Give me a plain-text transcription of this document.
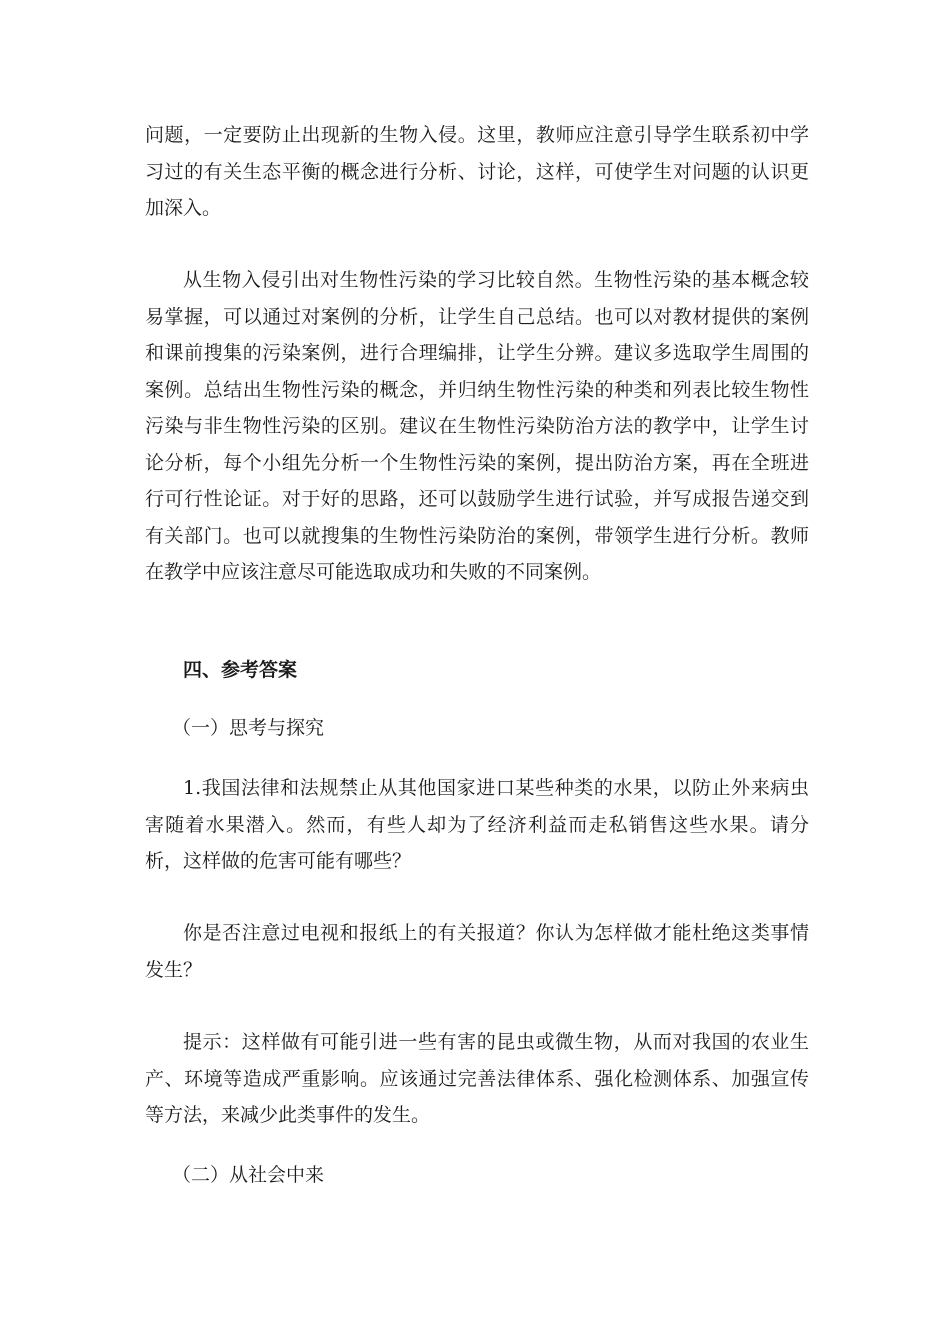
问题，一定要防止出现新的生物入侵。这里，教师应注意引导学生联系初中学习过的有关生态平衡的概念进行分析、讨论，这样，可使学生对问题的认识更加深入。

从生物入侵引出对生物性污染的学习比较自然。生物性污染的基本概念较易掌握，可以通过对案例的分析，让学生自己总结。也可以对教材提供的案例和课前搜集的污染案例，进行合理编排，让学生分辨。建议多选取学生周围的案例。总结出生物性污染的概念，并归纳生物性污染的种类和列表比较生物性污染与非生物性污染的区别。建议在生物性污染防治方法的教学中，让学生讨论分析，每个小组先分析一个生物性污染的案例，提出防治方案，再在全班进行可行性论证。对于好的思路，还可以鼓励学生进行试验，并写成报告递交到有关部门。也可以就搜集的生物性污染防治的案例，带领学生进行分析。教师在教学中应该注意尽可能选取成功和失败的不同案例。

四、参考答案

（一）思考与探究

1.我国法律和法规禁止从其他国家进口某些种类的水果，以防止外来病虫害随着水果潜入。然而，有些人却为了经济利益而走私销售这些水果。请分析，这样做的危害可能有哪些？

你是否注意过电视和报纸上的有关报道？你认为怎样做才能杜绝这类事情发生？

提示：这样做有可能引进一些有害的昆虫或微生物，从而对我国的农业生产、环境等造成严重影响。应该通过完善法律体系、强化检测体系、加强宣传等方法，来减少此类事件的发生。

（二）从社会中来
